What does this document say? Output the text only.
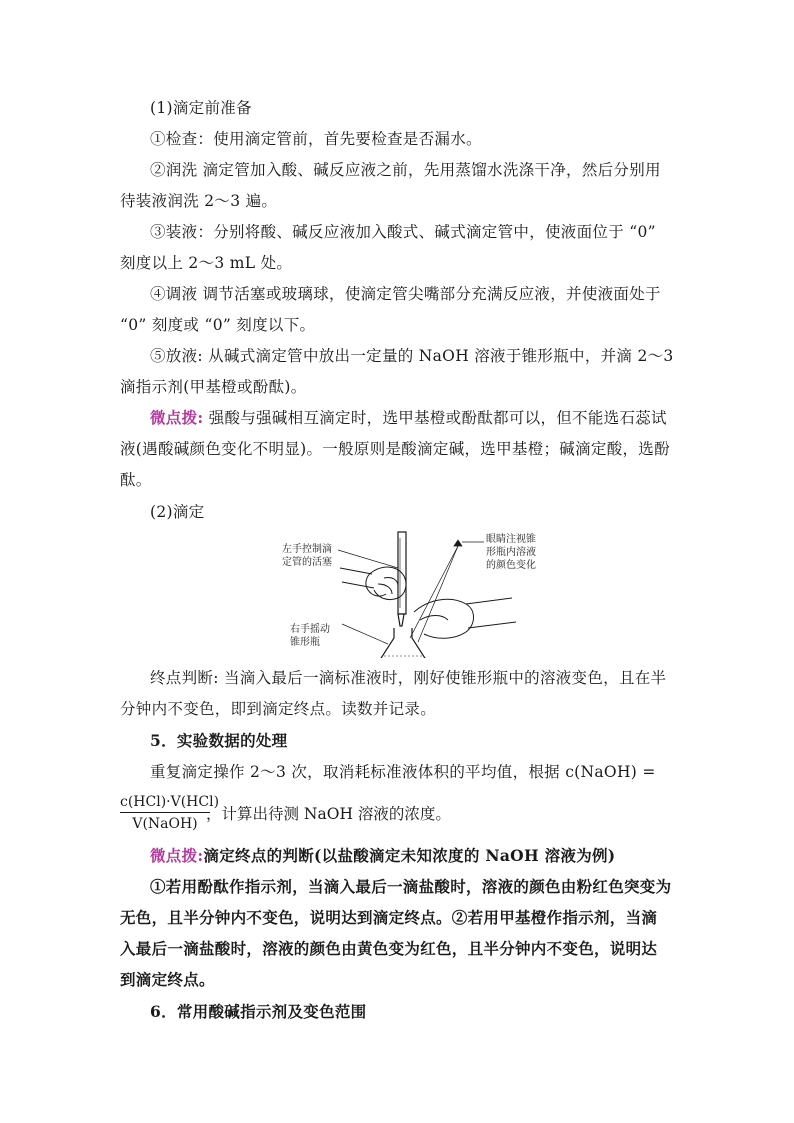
(1)滴定前准备
①检查：使用滴定管前，首先要检查是否漏水。
②润洗 滴定管加入酸、碱反应液之前，先用蒸馏水洗涤干净，然后分别用
待装液润洗 2～3 遍。
③装液：分别将酸、碱反应液加入酸式、碱式滴定管中，使液面位于 “0”
刻度以上 2～3 mL 处。
④调液 调节活塞或玻璃球，使滴定管尖嘴部分充满反应液，并使液面处于
“0” 刻度或 “0” 刻度以下。
⑤放液: 从碱式滴定管中放出一定量的 NaOH 溶液于锥形瓶中，并滴 2～3
滴指示剂(甲基橙或酚酞)。
微点拨: 强酸与强碱相互滴定时，选甲基橙或酚酞都可以，但不能选石蕊试
液(遇酸碱颜色变化不明显)。一般原则是酸滴定碱，选甲基橙；碱滴定酸，选酚
酞。
(2)滴定
左手控制滴
定管的活塞
眼睛注视锥
形瓶内溶液
的颜色变化
右手摇动
锥形瓶
终点判断: 当滴入最后一滴标准液时，刚好使锥形瓶中的溶液变色，且在半
分钟内不变色，即到滴定终点。读数并记录。
5．实验数据的处理
重复滴定操作 2～3 次，取消耗标准液体积的平均值，根据 c(NaOH) =
c(HCl)·V(HCl)
V(NaOH)
，计算出待测 NaOH 溶液的浓度。
微点拨:滴定终点的判断(以盐酸滴定未知浓度的 NaOH 溶液为例)
①若用酚酞作指示剂，当滴入最后一滴盐酸时，溶液的颜色由粉红色突变为
无色，且半分钟内不变色，说明达到滴定终点。②若用甲基橙作指示剂，当滴
入最后一滴盐酸时，溶液的颜色由黄色变为红色，且半分钟内不变色，说明达
到滴定终点。
6．常用酸碱指示剂及变色范围
